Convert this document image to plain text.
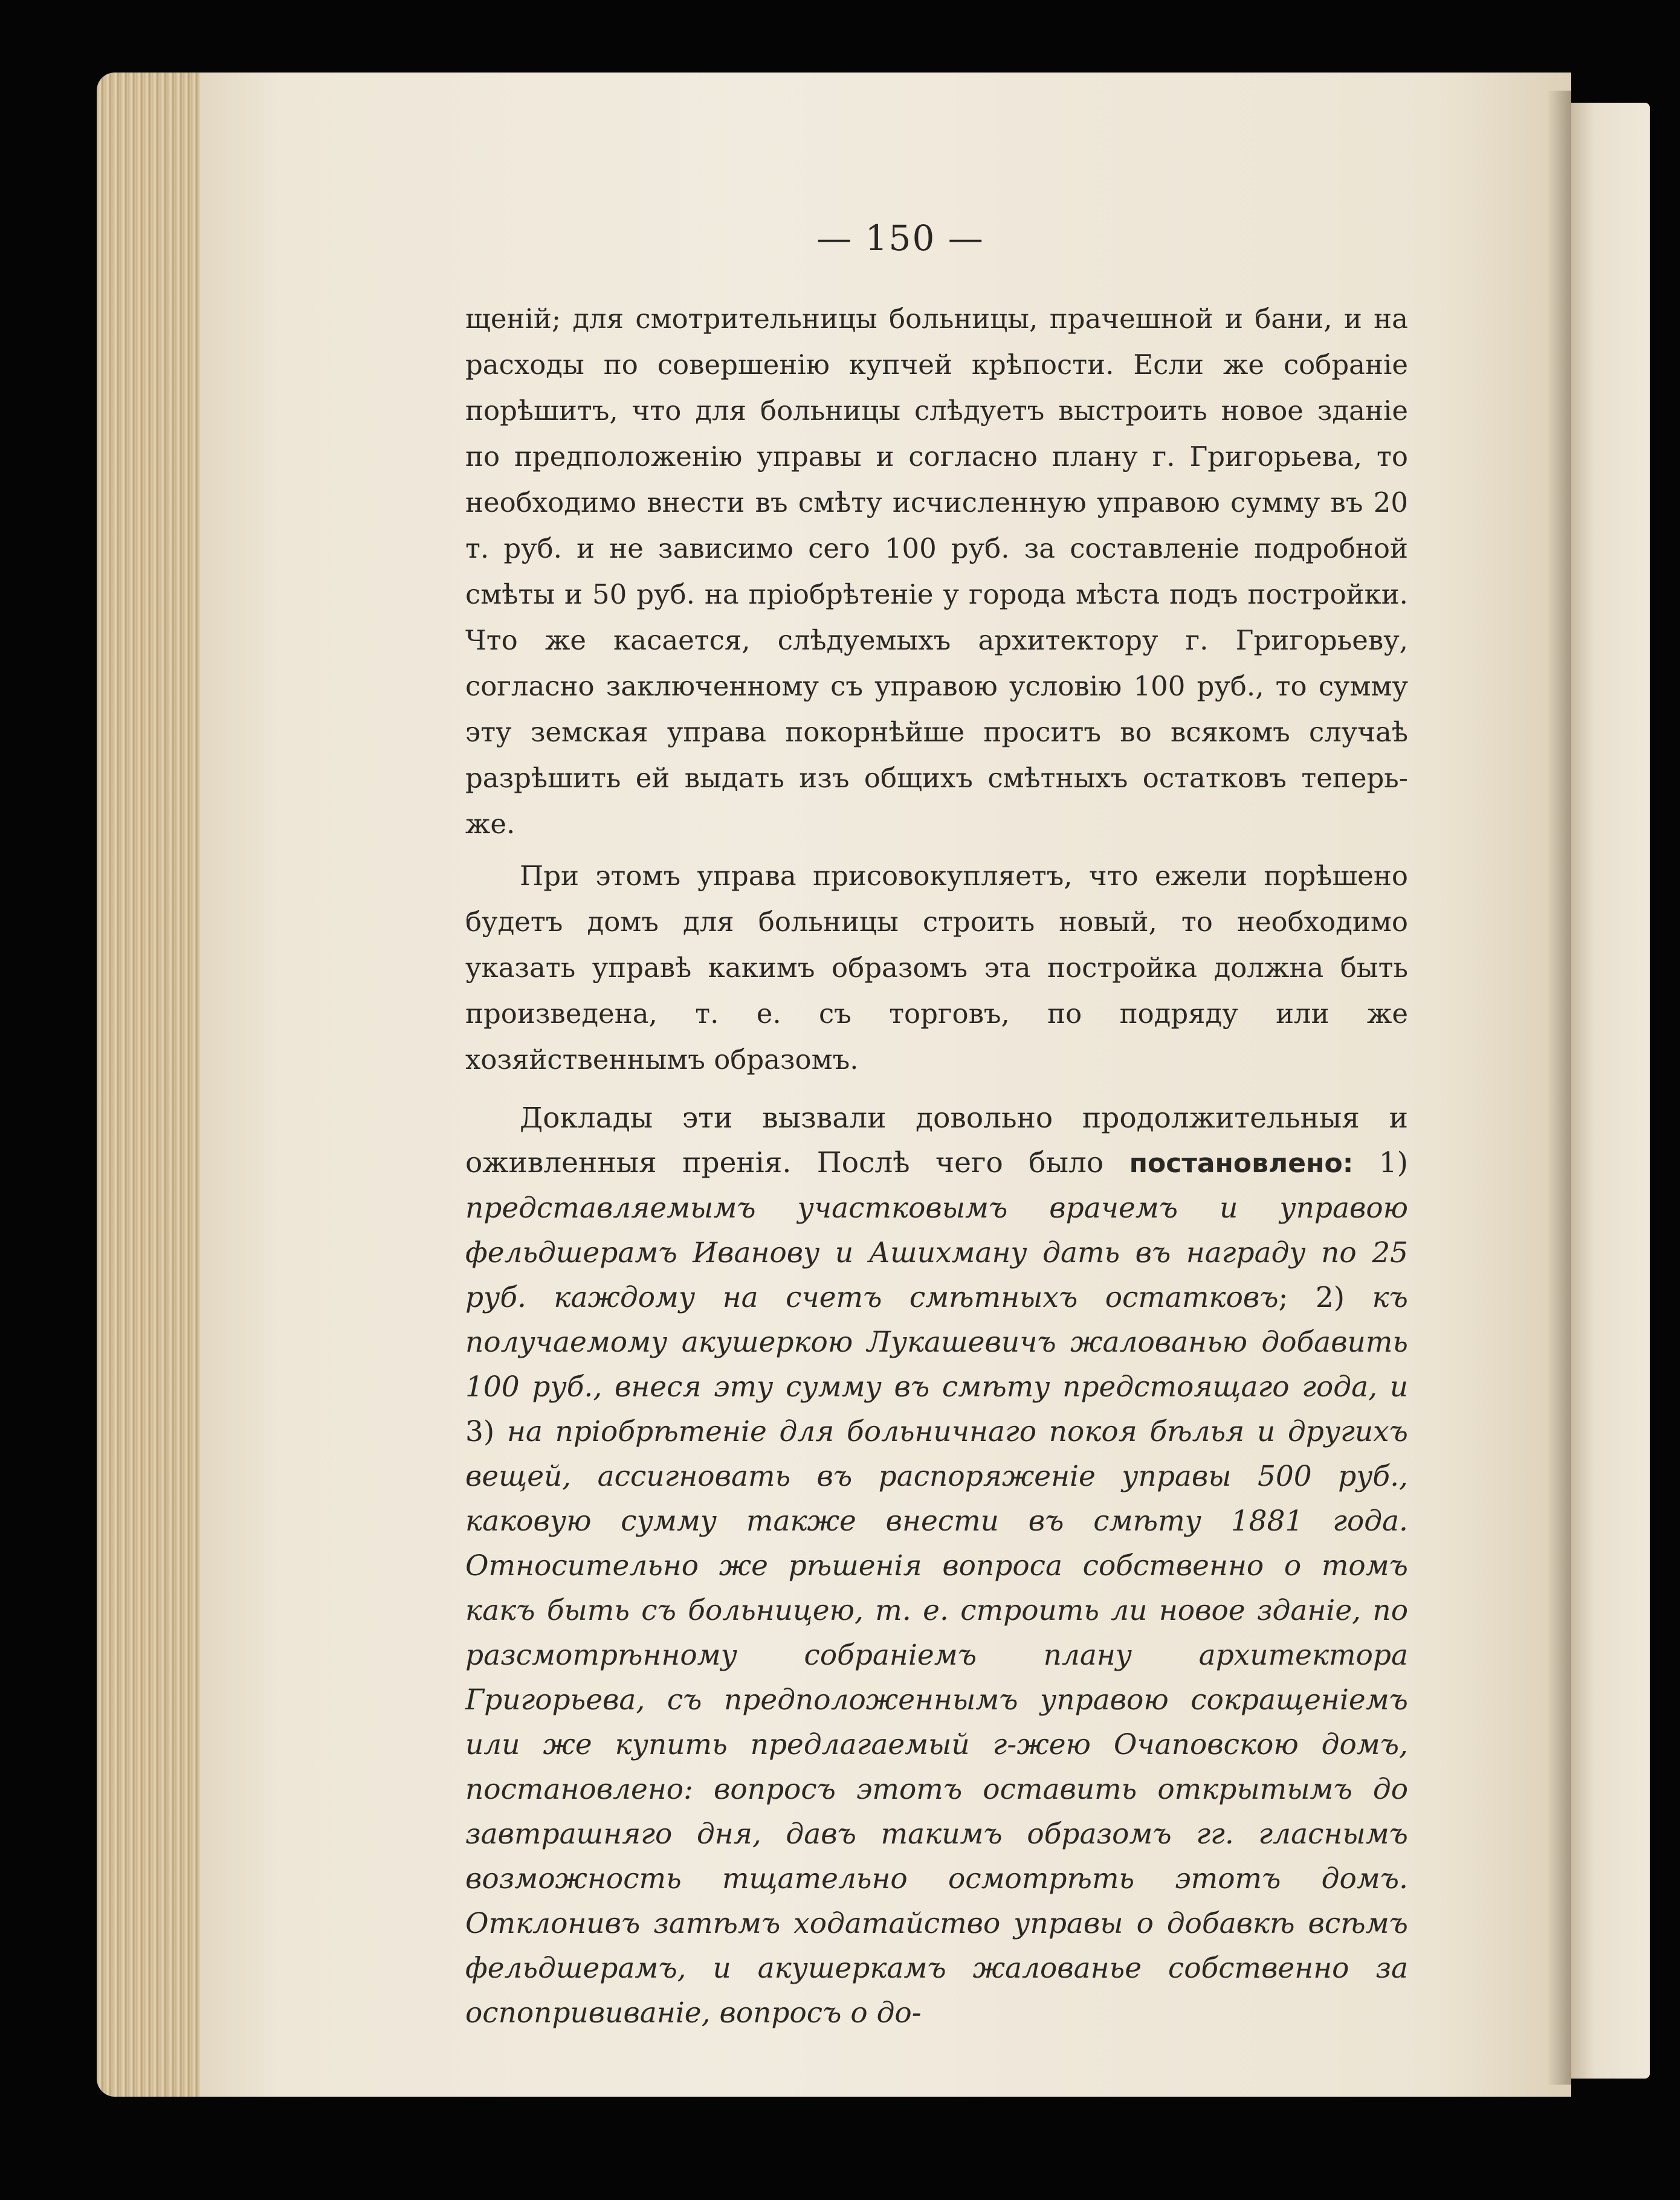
— 150 —

щеній; для смотрительницы больницы, прачешной и бани, и на расходы по совершенію купчей крѣпости. Если же собраніе порѣшитъ, что для больницы слѣдуетъ выстроить новое зданіе по предположенію управы и согласно плану г. Григорьева, то необходимо внести въ смѣту исчисленную управою сумму въ 20 т. руб. и не зависимо сего 100 руб. за составленіе подробной смѣты и 50 руб. на пріобрѣтеніе у города мѣста подъ постройки. Что же касается, слѣдуемыхъ архитектору г. Григорьеву, согласно заключенному съ управою условію 100 руб., то сумму эту земская управа покорнѣйше проситъ во всякомъ случаѣ разрѣшить ей выдать изъ общихъ смѣтныхъ остатковъ теперь-же.

При этомъ управа присовокупляетъ, что ежели порѣшено будетъ домъ для больницы строить новый, то необходимо указать управѣ какимъ образомъ эта постройка должна быть произведена, т. е. съ торговъ, по подряду или же хозяйственнымъ образомъ.

Доклады эти вызвали довольно продолжительныя и оживленныя пренія. Послѣ чего было постановлено: 1) представляемымъ участковымъ врачемъ и управою фельдшерамъ Иванову и Ашихману дать въ награду по 25 руб. каждому на счетъ смѣтныхъ остатковъ; 2) къ получаемому акушеркою Лукашевичъ жалованью добавить 100 руб., внеся эту сумму въ смѣту предстоящаго года, и 3) на пріобрѣтеніе для больничнаго покоя бѣлья и другихъ вещей, ассигновать въ распоряженіе управы 500 руб., каковую сумму также внести въ смѣту 1881 года. Относительно же рѣшенія вопроса собственно о томъ какъ быть съ больницею, т. е. строить ли новое зданіе, по разсмотрѣнному собраніемъ плану архитектора Григорьева, съ предположеннымъ управою сокращеніемъ или же купить предлагаемый г-жею Очаповскою домъ, постановлено: вопросъ этотъ оставить открытымъ до завтрашняго дня, давъ такимъ образомъ гг. гласнымъ возможность тщательно осмотрѣть этотъ домъ. Отклонивъ затѣмъ ходатайство управы о добавкѣ всѣмъ фельдшерамъ, и акушеркамъ жалованье собственно за оспопрививаніе, вопросъ о до-
